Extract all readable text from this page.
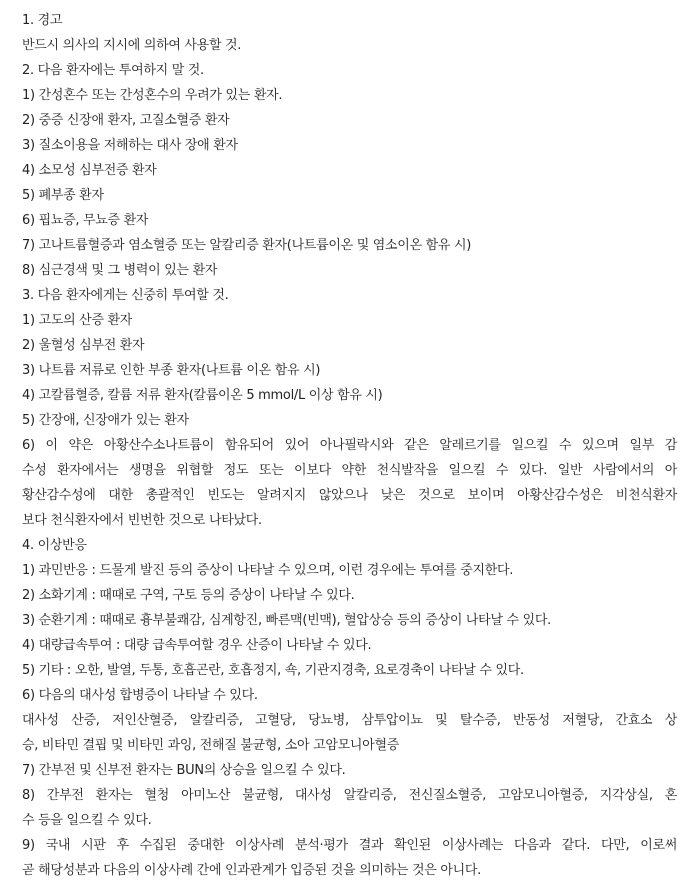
1. 경고
반드시 의사의 지시에 의하여 사용할 것.
2. 다음 환자에는 투여하지 말 것.
1) 간성혼수 또는 간성혼수의 우려가 있는 환자.
2) 중증 신장애 환자, 고질소혈증 환자
3) 질소이용을 저해하는 대사 장애 환자
4) 소모성 심부전증 환자
5) 폐부종 환자
6) 핍뇨증, 무뇨증 환자
7) 고나트륨혈증과 염소혈증 또는 알칼리증 환자(나트륨이온 및 염소이온 함유 시)
8) 심근경색 및 그 병력이 있는 환자
3. 다음 환자에게는 신중히 투여할 것.
1) 고도의 산증 환자
2) 울혈성 심부전 환자
3) 나트륨 저류로 인한 부종 환자(나트륨 이온 함유 시)
4) 고칼륨혈증, 칼륨 저류 환자(칼륨이온 5 mmol/L 이상 함유 시)
5) 간장애, 신장애가 있는 환자
6) 이 약은 아황산수소나트륨이 함유되어 있어 아나필락시와 같은 알레르기를 일으킬 수 있으며 일부 감
수성 환자에서는 생명을 위협할 정도 또는 이보다 약한 천식발작을 일으킬 수 있다. 일반 사람에서의 아
황산감수성에 대한 총괄적인 빈도는 알려지지 않았으나 낮은 것으로 보이며 아황산감수성은 비천식환자
보다 천식환자에서 빈번한 것으로 나타났다.
4. 이상반응
1) 과민반응 : 드물게 발진 등의 증상이 나타날 수 있으며, 이런 경우에는 투여를 중지한다.
2) 소화기계 : 때때로 구역, 구토 등의 증상이 나타날 수 있다.
3) 순환기계 : 때때로 흉부불쾌감, 심계항진, 빠른맥(빈맥), 혈압상승 등의 증상이 나타날 수 있다.
4) 대량급속투여 : 대량 급속투여할 경우 산증이 나타날 수 있다.
5) 기타 : 오한, 발열, 두통, 호흡곤란, 호흡정지, 쇽, 기관지경축, 요로경축이 나타날 수 있다.
6) 다음의 대사성 합병증이 나타날 수 있다.
대사성 산증, 저인산혈증, 알칼리증, 고혈당, 당뇨병, 삼투압이뇨 및 탈수증, 반동성 저혈당, 간효소 상
승, 비타민 결핍 및 비타민 과잉, 전해질 불균형, 소아 고암모니아혈증
7) 간부전 및 신부전 환자는 BUN의 상승을 일으킬 수 있다.
8) 간부전 환자는 혈청 아미노산 불균형, 대사성 알칼리증, 전신질소혈증, 고암모니아혈증, 지각상실, 혼
수 등을 일으킬 수 있다.
9) 국내 시판 후 수집된 중대한 이상사례 분석·평가 결과 확인된 이상사례는 다음과 같다. 다만, 이로써
곧 해당성분과 다음의 이상사례 간에 인과관계가 입증된 것을 의미하는 것은 아니다.
